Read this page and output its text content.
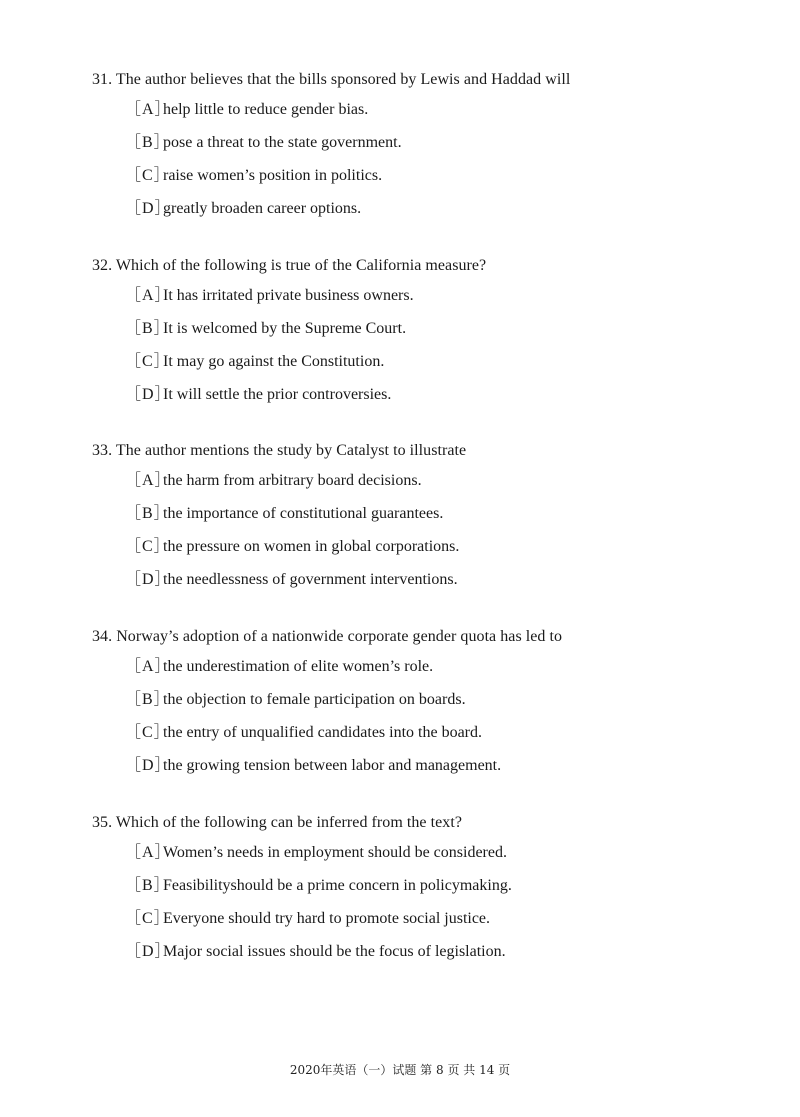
31. The author believes that the bills sponsored by Lewis and Haddad will
［A］help little to reduce gender bias.
［B］pose a threat to the state government.
［C］raise women’s position in politics.
［D］greatly broaden career options.
32. Which of the following is true of the California measure?
［A］It has irritated private business owners.
［B］It is welcomed by the Supreme Court.
［C］It may go against the Constitution.
［D］It will settle the prior controversies.
33. The author mentions the study by Catalyst to illustrate
［A］the harm from arbitrary board decisions.
［B］the importance of constitutional guarantees.
［C］the pressure on women in global corporations.
［D］the needlessness of government interventions.
34. Norway’s adoption of a nationwide corporate gender quota has led to
［A］the underestimation of elite women’s role.
［B］the objection to female participation on boards.
［C］the entry of unqualified candidates into the board.
［D］the growing tension between labor and management.
35. Which of the following can be inferred from the text?
［A］Women’s needs in employment should be considered.
［B］Feasibilityshould be a prime concern in policymaking.
［C］Everyone should try hard to promote social justice.
［D］Major social issues should be the focus of legislation.
2020年英语（一）试题 第 8 页 共 14 页
